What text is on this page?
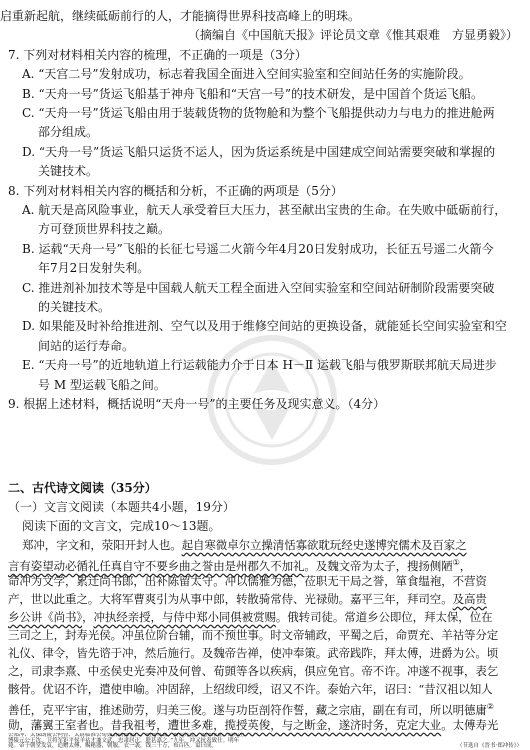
启重新起航，继续砥砺前行的人，才能摘得世界科技高峰上的明珠。
（摘编自《中国航天报》评论员文章《惟其艰难　方显勇毅》）
7. 下列对材料相关内容的梳理，不正确的一项是（3分）
A. “天宫二号”发射成功，标志着我国全面进入空间实验室和空间站任务的实施阶段。
B. “天舟一号”货运飞船基于神舟飞船和“天宫一号”的技术研发，是中国首个货运飞船。
C. “天舟一号”货运飞船由用于装载货物的货物舱和为整个飞船提供动力与电力的推进舱两
部分组成。
D. “天舟一号”货运飞船只运货不运人，因为货运系统是中国建成空间站需要突破和掌握的
关键技术。
8. 下列对材料相关内容的概括和分析，不正确的两项是（5分）
A. 航天是高风险事业，航天人承受着巨大压力，甚至献出宝贵的生命。在失败中砥砺前行，
方可登顶世界科技之巅。
B. 运载“天舟一号”飞船的长征七号遥二火箭今年4月20日发射成功，长征五号遥二火箭今
年7月2日发射失利。
C. 推进剂补加技术等是中国载人航天工程全面进入空间实验室和空间站研制阶段需要突破
的关键技术。
D. 如果能及时补给推进剂、空气以及用于维修空间站的更换设备，就能延长空间实验室和空
间站的运行寿命。
E. “天舟一号”的近地轨道上行运载能力介于日本 H－Ⅱ 运载飞船与俄罗斯联邦航天局进步
号 M 型运载飞船之间。
9. 根据上述材料，概括说明“天舟一号”的主要任务及现实意义。（4分）
二、古代诗文阅读（35分）
（一）文言文阅读（本题共4小题，19分）
阅读下面的文言文，完成10～13题。
郑冲，字文和，荥阳开封人也。起自寒微卓尔立操清恬寡欲耽玩经史遂博究儒术及百家之
言有姿望动必循礼任真自守不要乡曲之誉由是州郡久不加礼。及魏文帝为太子，搜扬侧陋①，
命冲为文学，累迁尚书郎，出补陈留太守。冲以儒雅为德，莅职无干局之誉，箪食缊袍，不营资
产，世以此重之。大将军曹爽引为从事中郎，转散骑常侍、光禄勋。嘉平三年，拜司空。及高贵
乡公讲《尚书》，冲执经亲授，与侍中郑小同俱被赏赐。俄转司徒。常道乡公即位，拜太保，位在
三司之上，封寿光侯。冲虽位阶台辅，而不预世事。时文帝辅政，平蜀之后，命贾充、羊祜等分定
礼仪、律令，皆先谘于冲，然后施行。及魏帝告禅，使冲奉策。武帝践阼，拜太傅，进爵为公。顷
之，司隶李熹、中丞侯史光奏冲及何曾、荀顗等各以疾病，俱应免官。帝不许。冲遂不视事，表乞
骸骨。优诏不许，遣使申喻。冲固辞，上绍绂印绶，诏又不许。泰始六年，诏曰：“昔汉祖以知人
善任，克平宇宙，推述勋劳，归美三俊。遂与功臣剖符作誓，藏之宗庙，副在有司，所以明德庸②
勋，藩翼王室者也。昔我祖考，遭世多难，揽授英俊，与之断金，遂济时务，克定大业。太傅寿光
公郑冲、太保朗陵公何曾、太尉临淮公荀顗各尚德依仁，明允笃诚，翼亮先皇，光济帝业。故司空
博陵元公王沈、卫将军钜平侯羊祜才兼文武，忠肃居正，朕甚嘉之。”九年，冲又抗表致仕。明年
薨。帝于朝堂发哀，追赠太傅，赐秘器，朝服，衣一袭，钱三十万，布百匹。谥曰成。	（节选自《晋书·郑冲传》）
